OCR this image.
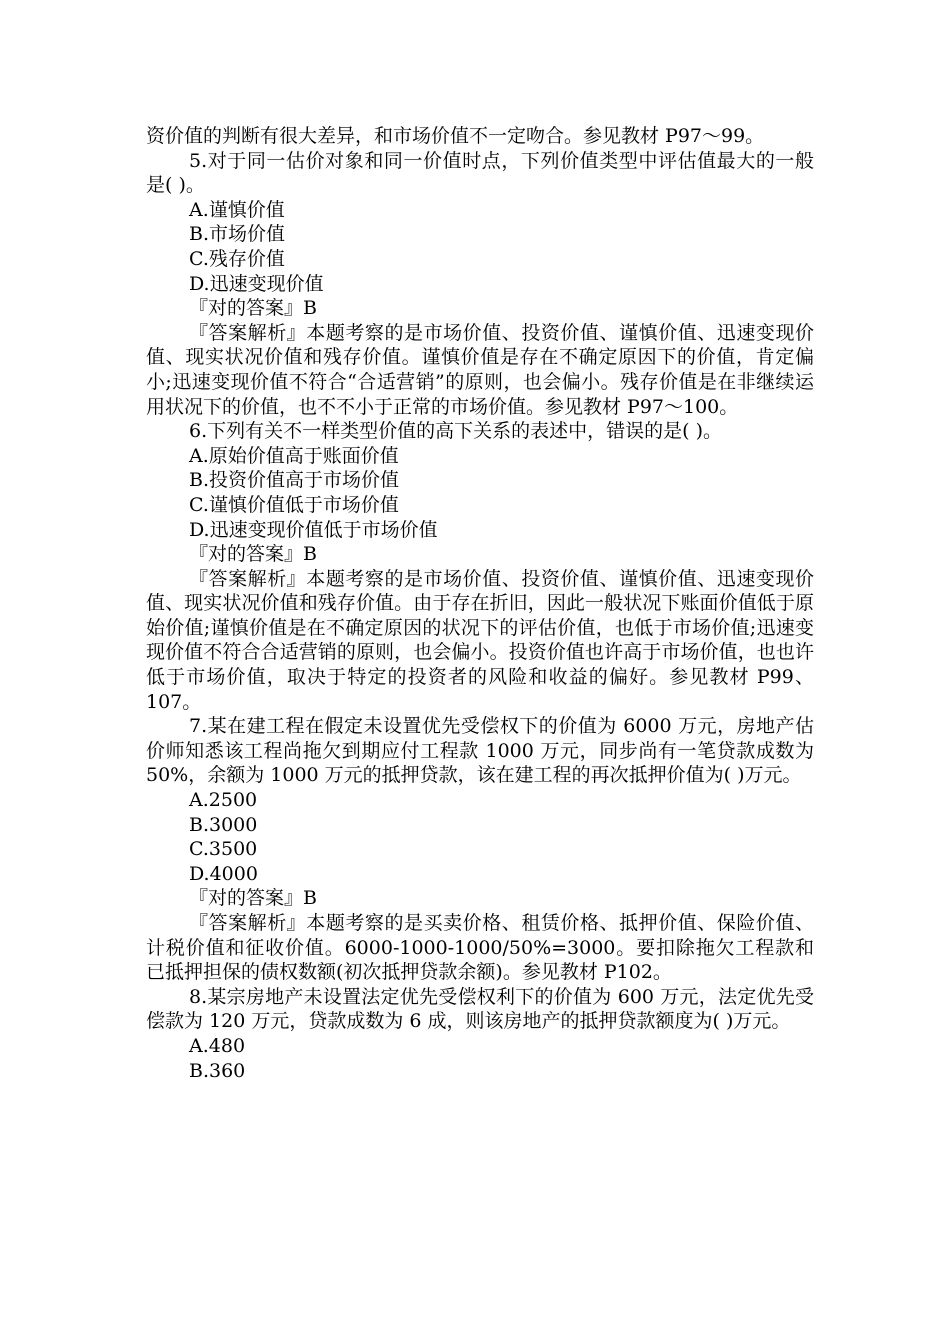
资价值的判断有很大差异，和市场价值不一定吻合。参见教材 P97～99。

5.对于同一估价对象和同一价值时点，下列价值类型中评估值最大的一般是( )。

A.谨慎价值

B.市场价值

C.残存价值

D.迅速变现价值

『对的答案』B

『答案解析』本题考察的是市场价值、投资价值、谨慎价值、迅速变现价值、现实状况价值和残存价值。谨慎价值是存在不确定原因下的价值，肯定偏小;迅速变现价值不符合“合适营销”的原则，也会偏小。残存价值是在非继续运用状况下的价值，也不不小于正常的市场价值。参见教材 P97～100。

6.下列有关不一样类型价值的高下关系的表述中，错误的是( )。

A.原始价值高于账面价值

B.投资价值高于市场价值

C.谨慎价值低于市场价值

D.迅速变现价值低于市场价值

『对的答案』B

『答案解析』本题考察的是市场价值、投资价值、谨慎价值、迅速变现价值、现实状况价值和残存价值。由于存在折旧，因此一般状况下账面价值低于原始价值;谨慎价值是在不确定原因的状况下的评估价值，也低于市场价值;迅速变现价值不符合合适营销的原则，也会偏小。投资价值也许高于市场价值，也也许低于市场价值，取决于特定的投资者的风险和收益的偏好。参见教材 P99、107。

7.某在建工程在假定未设置优先受偿权下的价值为 6000 万元，房地产估价师知悉该工程尚拖欠到期应付工程款 1000 万元，同步尚有一笔贷款成数为 50%，余额为 1000 万元的抵押贷款，该在建工程的再次抵押价值为( )万元。

A.2500

B.3000

C.3500

D.4000

『对的答案』B

『答案解析』本题考察的是买卖价格、租赁价格、抵押价值、保险价值、计税价值和征收价值。6000-1000-1000/50%=3000。要扣除拖欠工程款和已抵押担保的债权数额(初次抵押贷款余额)。参见教材 P102。

8.某宗房地产未设置法定优先受偿权利下的价值为 600 万元，法定优先受偿款为 120 万元，贷款成数为 6 成，则该房地产的抵押贷款额度为( )万元。

A.480

B.360
